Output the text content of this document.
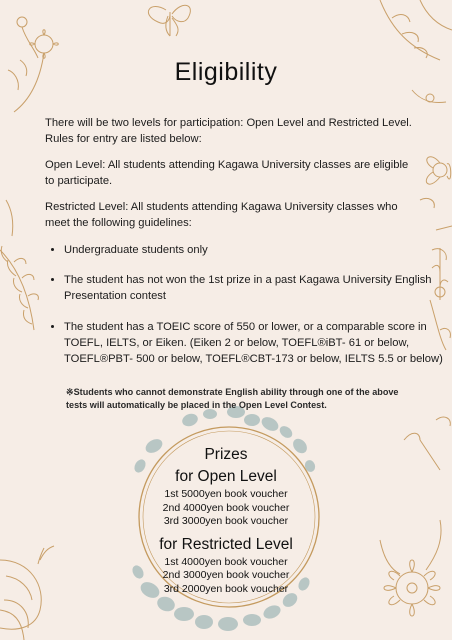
Eligibility
There will be two levels for participation: Open Level and Restricted Level. Rules for entry are listed below:
Open Level: All students attending Kagawa University classes are eligible to participate.
Restricted Level: All students attending Kagawa University classes who meet the following guidelines:
• Undergraduate students only
• The student has not won the 1st prize in a past Kagawa University English Presentation contest
• The student has a TOEIC score of 550 or lower, or a comparable score in TOEFL, IELTS, or Eiken. (Eiken 2 or below, TOEFL®iBT- 61 or below, TOEFL®PBT- 500 or below, TOEFL®CBT-173 or below, IELTS 5.5 or below)
※Students who cannot demonstrate English ability through one of the above tests will automatically be placed in the Open Level Contest.
Prizes
for Open Level
1st 5000yen book voucher
2nd 4000yen book voucher
3rd 3000yen book voucher
for Restricted Level
1st 4000yen book voucher
2nd 3000yen book voucher
3rd 2000yen book voucher
